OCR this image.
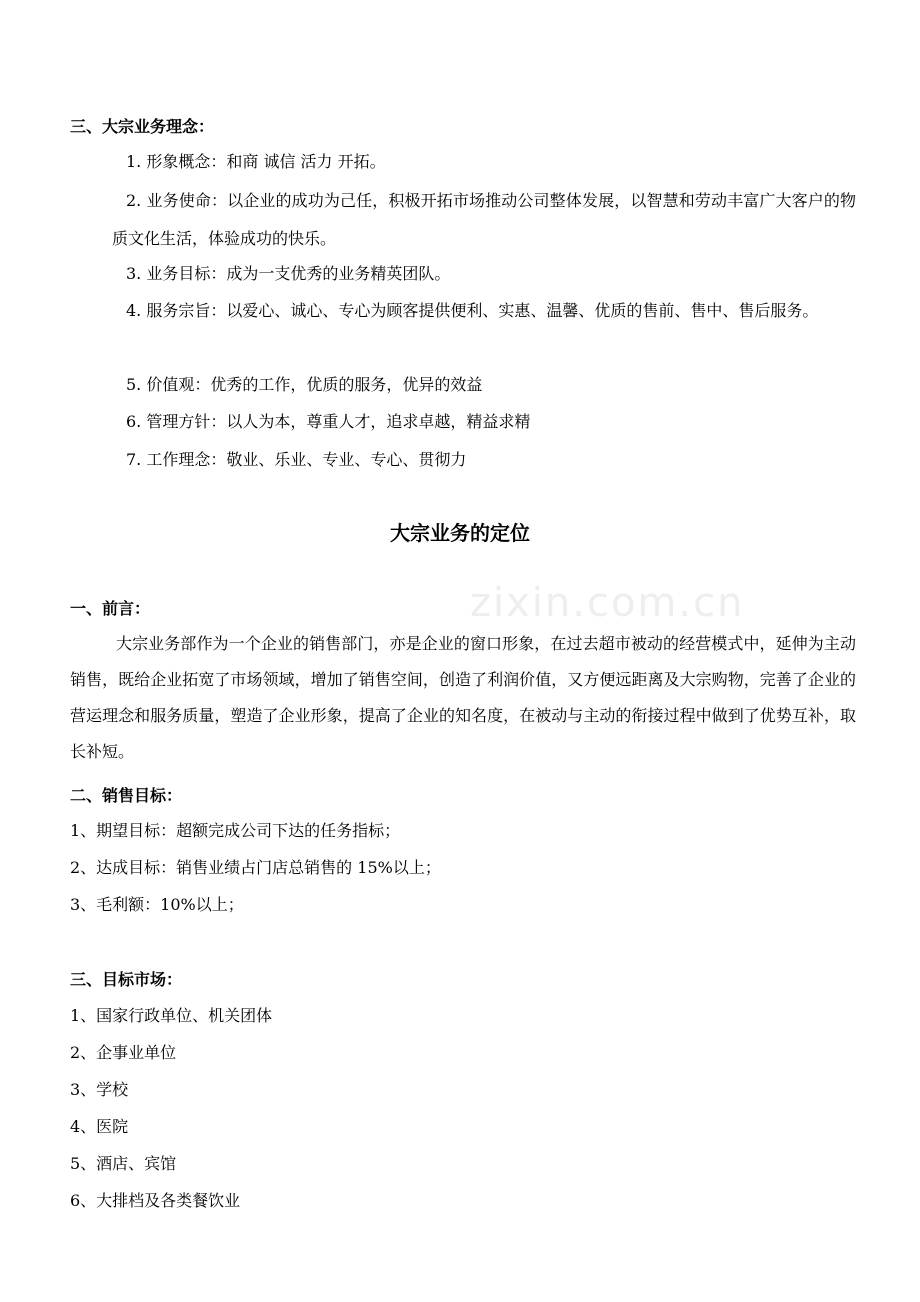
zixin.com.cn
三、大宗业务理念：
1. 形象概念：和商 诚信 活力 开拓。
2. 业务使命：以企业的成功为己任，积极开拓市场推动公司整体发展，以智慧和劳动丰富广大客户的物质文化生活，体验成功的快乐。
3. 业务目标：成为一支优秀的业务精英团队。
4. 服务宗旨：以爱心、诚心、专心为顾客提供便利、实惠、温馨、优质的售前、售中、售后服务。
5. 价值观：优秀的工作，优质的服务，优异的效益
6. 管理方针：以人为本，尊重人才，追求卓越，精益求精
7. 工作理念：敬业、乐业、专业、专心、贯彻力
大宗业务的定位
一、前言：
大宗业务部作为一个企业的销售部门，亦是企业的窗口形象，在过去超市被动的经营模式中，延伸为主动销售，既给企业拓宽了市场领域，增加了销售空间，创造了利润价值，又方便远距离及大宗购物，完善了企业的营运理念和服务质量，塑造了企业形象，提高了企业的知名度，在被动与主动的衔接过程中做到了优势互补，取长补短。
二、销售目标：
1、期望目标：超额完成公司下达的任务指标；
2、达成目标：销售业绩占门店总销售的 15%以上；
3、毛利额：10%以上；
三、目标市场：
1、国家行政单位、机关团体
2、企事业单位
3、学校
4、医院
5、酒店、宾馆
6、大排档及各类餐饮业
